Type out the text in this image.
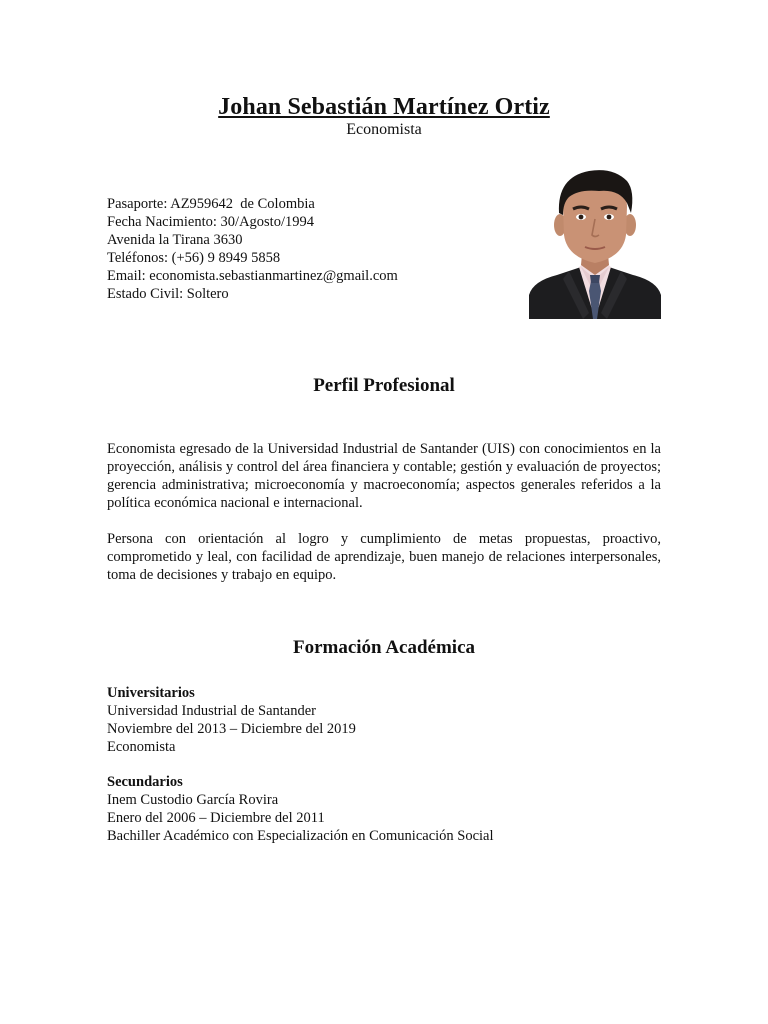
Johan Sebastián Martínez Ortiz
Economista
Pasaporte: AZ959642  de Colombia
Fecha Nacimiento: 30/Agosto/1994
Avenida la Tirana 3630
Teléfonos: (+56) 9 8949 5858
Email: economista.sebastianmartinez@gmail.com
Estado Civil: Soltero
Perfil Profesional

Economista egresado de la Universidad Industrial de Santander (UIS) con conocimientos en la proyección, análisis y control del área financiera y contable; gestión y evaluación de proyectos; gerencia administrativa; microeconomía y macroeconomía; aspectos generales referidos a la política económica nacional e internacional.

Persona con orientación al logro y cumplimiento de metas propuestas, proactivo, comprometido y leal, con facilidad de aprendizaje, buen manejo de relaciones interpersonales, toma de decisiones y trabajo en equipo.

Formación Académica
Universitarios
Universidad Industrial de Santander
Noviembre del 2013 – Diciembre del 2019
Economista
Secundarios
Inem Custodio García Rovira
Enero del 2006 – Diciembre del 2011
Bachiller Académico con Especialización en Comunicación Social
